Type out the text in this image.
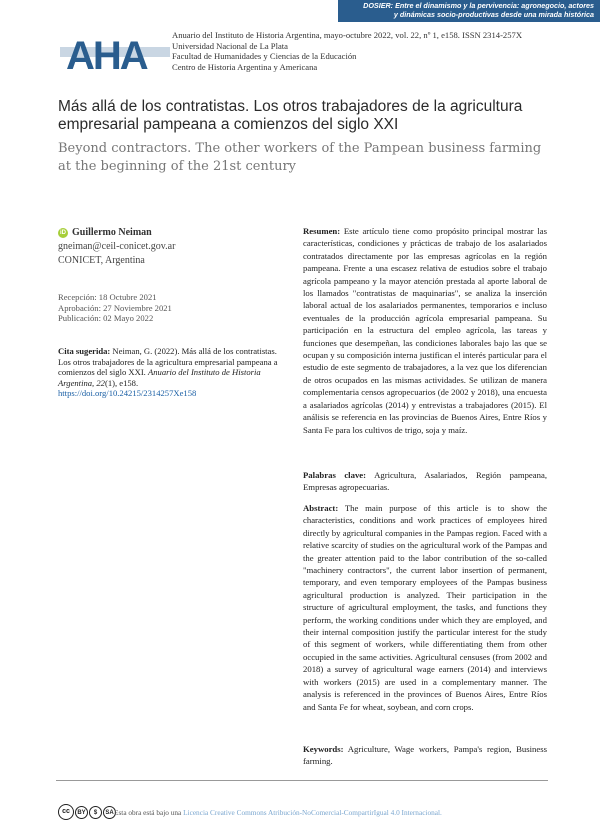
DOSIER: Entre el dinamismo y la pervivencia: agronegocio, actores
y dinámicas socio-productivas desde una mirada histórica
AHA	Anuario del Instituto de Historia Argentina, mayo-octubre 2022, vol. 22, nº 1, e158. ISSN 2314-257X
Universidad Nacional de La Plata
Facultad de Humanidades y Ciencias de la Educación
Centro de Historia Argentina y Americana
Más allá de los contratistas. Los otros trabajadores de la agricultura empresarial pampeana a comienzos del siglo XXI
Beyond contractors. The other workers of the Pampean business farming at the beginning of the 21st century
iD Guillermo Neiman
gneiman@ceil-conicet.gov.ar
CONICET, Argentina
Recepción: 18 Octubre 2021
Aprobación: 27 Noviembre 2021
Publicación: 02 Mayo 2022
Cita sugerida: Neiman, G. (2022). Más allá de los contratistas. Los otros trabajadores de la agricultura empresarial pampeana a comienzos del siglo XXI. Anuario del Instituto de Historia Argentina, 22(1), e158.
https://doi.org/10.24215/2314257Xe158
Resumen: Este artículo tiene como propósito principal mostrar las características, condiciones y prácticas de trabajo de los asalariados contratados directamente por las empresas agrícolas en la región pampeana. Frente a una escasez relativa de estudios sobre el trabajo agrícola pampeano y la mayor atención prestada al aporte laboral de los llamados "contratistas de maquinarias", se analiza la inserción laboral actual de los asalariados permanentes, temporarios e incluso eventuales de la producción agrícola empresarial pampeana. Su participación en la estructura del empleo agrícola, las tareas y funciones que desempeñan, las condiciones laborales bajo las que se ocupan y su composición interna justifican el interés particular para el estudio de este segmento de trabajadores, a la vez que los diferencian de otros ocupados en las mismas actividades. Se utilizan de manera complementaria censos agropecuarios (de 2002 y 2018), una encuesta a asalariados agrícolas (2014) y entrevistas a trabajadores (2015). El análisis se referencia en las provincias de Buenos Aires, Entre Ríos y Santa Fe para los cultivos de trigo, soja y maíz.
Palabras clave: Agricultura, Asalariados, Región pampeana, Empresas agropecuarias.
Abstract: The main purpose of this article is to show the characteristics, conditions and work practices of employees hired directly by agricultural companies in the Pampas region. Faced with a relative scarcity of studies on the agricultural work of the Pampas and the greater attention paid to the labor contribution of the so-called "machinery contractors", the current labor insertion of permanent, temporary, and even temporary employees of the Pampas business agricultural production is analyzed. Their participation in the structure of agricultural employment, the tasks, and functions they perform, the working conditions under which they are employed, and their internal composition justify the particular interest for the study of this segment of workers, while differentiating them from other occupied in the same activities. Agricultural censuses (from 2002 and 2018) a survey of agricultural wage earners (2014) and interviews with workers (2015) are used in a complementary manner. The analysis is referenced in the provinces of Buenos Aires, Entre Ríos and Santa Fe for wheat, soybean, and corn crops.
Keywords: Agriculture, Wage workers, Pampa's region, Business farming.
cc	BY	$	SA Esta obra está bajo una Licencia Creative Commons Atribución-NoComercial-CompartirIgual 4.0 Internacional.
